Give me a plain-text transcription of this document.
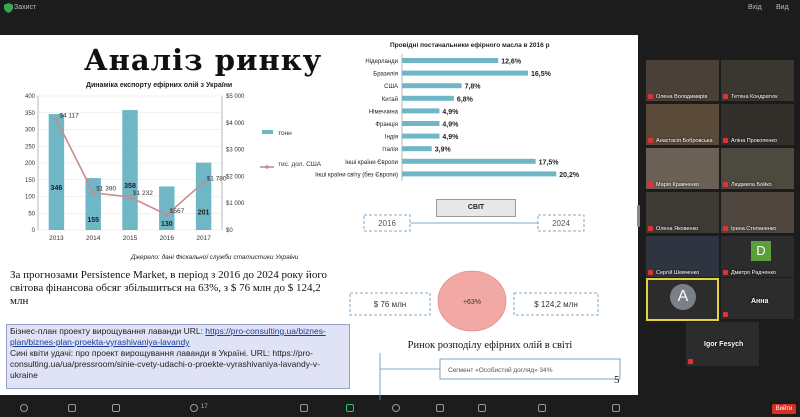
Захист	Вхід Вид
Аналіз ринку
Динаміка експорту ефірних олій з України
0
50
100
150
200
250
300
350
400
$0
$1 000
$2 000
$3 000
$4 000
$5 000
346
2013
155
2014
358
2015
130
2016
201
2017
$4 117
$1 390
$1 232
$567
$1 780
тонн
тис. дол. США
Джерело: дані Фіскальної служби статистики України
Провідні постачальники ефірного масла в 2016 р
Нідерланди	12,6%
Бразилія	16,5%
США	7,8%
Китай	6,8%
Німеччина	4,9%
Франція	4,9%
Індія	4,9%
Італія	3,9%
Інші країни Європи	17,5%
Інші країни світу (без Європи)	20,2%
СВІТ
2016	2024
$ 76 млн	$ 124,2 млн
+63%
Ринок розподілу ефірних олій в світі
Сегмент «Особистий догляд» 34%
За прогнозами Persistence Market, в період з 2016 до 2024 року його світова фінансова обсяг збільшиться на 63%, з $ 76 млн до $ 124,2 млн
Бізнес-план проекту вирощування лаванди URL: https://pro-consulting.ua/biznes-plan/biznes-plan-proekta-vyrashivaniya-lavandy
Сині квіти удачі: про проект вирощування лаванди в Україні. URL: https://pro-consulting.ua/ua/pressroom/sinie-cvety-udachi-o-proekte-vyrashivaniya-lavandy-v-ukraine	5
Олена Володимирів	Тетяна Кондратюк
Анастасія Бобровська	Аліна Прокопенко
Марія Кравченко	Людмила Бойко
Олена Яковенко	Ірина Степаненко
Сергій Шевченко	Дмитро Радченко
Анна
Igor Fesych
A
D
17	Вийти
